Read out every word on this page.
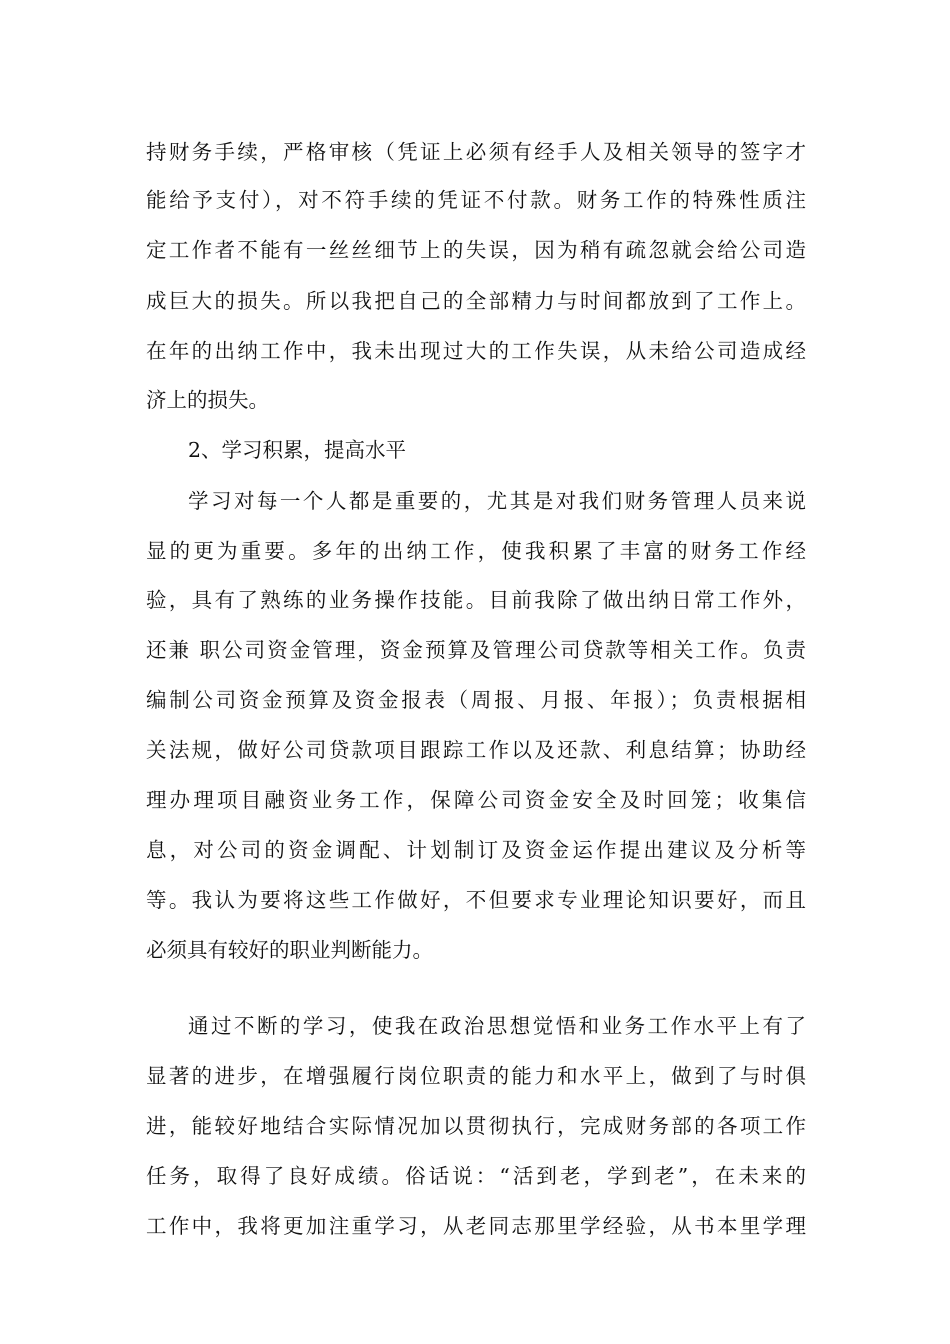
持财务手续，严格审核（凭证上必须有经手人及相关领导的签字才
能给予支付），对不符手续的凭证不付款。财务工作的特殊性质注
定工作者不能有一丝丝细节上的失误，因为稍有疏忽就会给公司造
成巨大的损失。所以我把自己的全部精力与时间都放到了工作上。
在年的出纳工作中，我未出现过大的工作失误，从未给公司造成经
济上的损失。
2、学习积累，提高水平
学习对每一个人都是重要的，尤其是对我们财务管理人员来说
显的更为重要。多年的出纳工作，使我积累了丰富的财务工作经
验，具有了熟练的业务操作技能。目前我除了做出纳日常工作外，
还兼 职公司资金管理，资金预算及管理公司贷款等相关工作。负责
编制公司资金预算及资金报表（周报、月报、年报）；负责根据相
关法规，做好公司贷款项目跟踪工作以及还款、利息结算；协助经
理办理项目融资业务工作，保障公司资金安全及时回笼；收集信
息，对公司的资金调配、计划制订及资金运作提出建议及分析等
等。我认为要将这些工作做好，不但要求专业理论知识要好，而且
必须具有较好的职业判断能力。
通过不断的学习，使我在政治思想觉悟和业务工作水平上有了
显著的进步，在增强履行岗位职责的能力和水平上，做到了与时俱
进，能较好地结合实际情况加以贯彻执行，完成财务部的各项工作
任务，取得了良好成绩。俗话说：“活到老，学到老”，在未来的
工作中，我将更加注重学习，从老同志那里学经验，从书本里学理
